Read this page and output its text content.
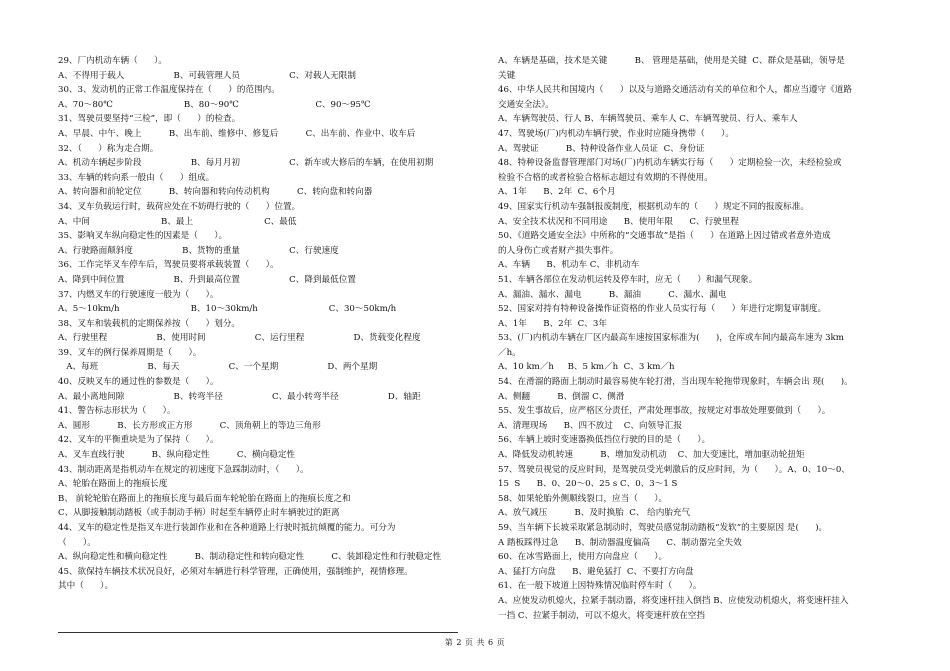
29、厂内机动车辆（      ）。
A、不得用于载人                  B、可载管理人员                  C、对载人无限制
30、3、发动机的正常工作温度保持在（      ）的范围内。
A、70～80℃                          B、80～90℃                            C、90～95℃
31、驾驶员要坚持“三检”，即（      ）的检查。
A、早晨、中午、晚上          B、出车前、维修中、修复后          C、出车前、作业中、收车后
32、（      ）称为走合期。
A、机动车辆起步阶段                  B、每月月初                  C、新车或大修后的车辆，在使用初期
33、车辆的转向系一般由（      ）组成。
A、转向器和前轮定位          B、转向器和转向传动机构          C、转向盘和转向器
34、叉车负载运行时，载荷应处在不妨碍行驶的（      ）位置。
A、中间                          B、最上                          C、最低
35、影响叉车纵向稳定性的因素是（      ）。
A、行驶路面颠斜度                  B、货物的重量                  C、行驶速度
36、工作完毕叉车停车后，驾驶员要将承载装置（      ）。
A、降到中间位置                  B、升到最高位置                  C、降到最低位置
37、内燃叉车的行驶速度一般为（      ）。
A、5～10km/h                          B、10～30km/h                          C、30～50km/h
38、叉车和装载机的定期保养按（      ）划分。
A、行驶里程                  B、使用时间                  C、运行里程                  D、货载变化程度
39、叉车的例行保养周期是（      ）。
A、每班                  B、每天                  C、一个星期                  D、两个星期
40、反映叉车的通过性的参数是（      ）。
A、最小离地间隙                  B、转弯半径                  C、最小转弯半径                  D、轴距
41、警告标志形状为（      ）。
A、圆形          B、长方形或正方形          C、顶角朝上的等边三角形
42、叉车的平衡重块是为了保持（      ）。
A、叉车直线行驶          B、纵向稳定性          C、横向稳定性
43、制动距离是指机动车在规定的初速度下急踩制动时，（      ）。
A、轮胎在路面上的拖痕长度
B、 前轮轮胎在路面上的拖痕长度与最后面车轮轮胎在路面上的拖痕长度之和
C、从脚接触制动踏板（或手制动手柄）时起至车辆停止时车辆驶过的距离
44、叉车的稳定性是指叉车进行装卸作业和在各种道路上行驶时抵抗倾覆的能力。可分为
（      ）。
A、纵向稳定性和横向稳定性          B、制动稳定性和转向稳定性          C、装卸稳定性和行驶稳定性
45、欲保持车辆技术状况良好，必须对车辆进行科学管理，正确使用，强制维护，视情修理。
其中（      ）。
A、车辆是基础，技术是关键          B、 管理是基础，使用是关键  C、群众是基础，领导是
关键
46、中华人民共和国境内（      ）以及与道路交通活动有关的单位和个人，都应当遵守《道路
交通安全法》。
A、车辆驾驶员、行人 B、车辆驾驶员、乘车人 C、车辆驾驶员、行人、乘车人
47、驾驶场(厂)内机动车辆行驶，作业时应随身携带（      ）。
A、驾驶证          B、特种设备作业人员证  C、身份证
48、特种设备监督管理部门对场(厂)内机动车辆实行每（      ）定期检验一次，未经检验或
检验不合格的或者检验合格标志超过有效期的不得使用。
A、1年      B、2年  C、6个月
49、国家实行机动车强制报废制度，根据机动车的（      ）规定不同的报废标准。
A、安全技术状况和不同用途      B、使用年限      C、行驶里程
50、《道路交通安全法》中所称的“交通事故”是指（      ）在道路上因过错或者意外造成
的人身伤亡或者财产损失事件。
A、车辆      B、机动车 C、非机动车
51、车辆各部位在发动机运转及停车时，应无（      ）和漏气现象。
A、漏油、漏水、漏电          B、漏油          C、漏水、漏电
52、国家对持有特种设备操作证资格的作业人员实行每（      ）年进行定期复审制度。
A、1年      B、2年  C、3年
53、(厂)内机动车辆在厂区内最高车速按国家标准为(      )，仓库或车间内最高车速为 3km
／h。
A、10 km／h     B、5 km／h  C、3 km／h
54、在滑溜的路面上制动时最容易使车轮打滑，当出现车轮拖带现象时，车辆会出 现(      )。
A、侧翻          B、倒溜 C、侧滑
55、发生事故后，应严格区分责任，严肃处理事故，按规定对事故处理要做到（      ）。
A、清理现场      B、四不放过    C、向领导汇报
56、车辆上坡时变速器换低挡位行驶的目的是（      ）。
A、降低发动机转速          B、增加发动机动    C、加大变速比，增加驱动轮扭矩
57、驾驶员视觉的反应时间，是驾驶员受光刺激后的反应时间，为（      ）。A、0、10～0、
15  S      B、0、20～0、25 s C、0、3～1 S
58、如果轮胎外侧顺线裂口，应当（      ）。
A、放气减压          B、及时换胎  C、 给内胎充气
59、当车辆下长坡采取紧急制动时，驾驶员感觉制动踏板“发软”的主要原因 是(      )。
A 踏板踩得过急      B、制动器温度偏高      C、制动器完全失效
60、在冰雪路面上，使用方向盘应（      ）。
A、猛打方向盘      B、避免猛打  C、不要打方向盘
61、在一般下坡道上因特殊情况临时停车时（      ）。
A、应使发动机熄火，拉紧手制动器，将变速杆挂入倒挡 B、应使发动机熄火，将变速杆挂入
一挡 C、拉紧手制动，可以不熄火，将变速杆放在空挡
第 2 页 共 6 页
